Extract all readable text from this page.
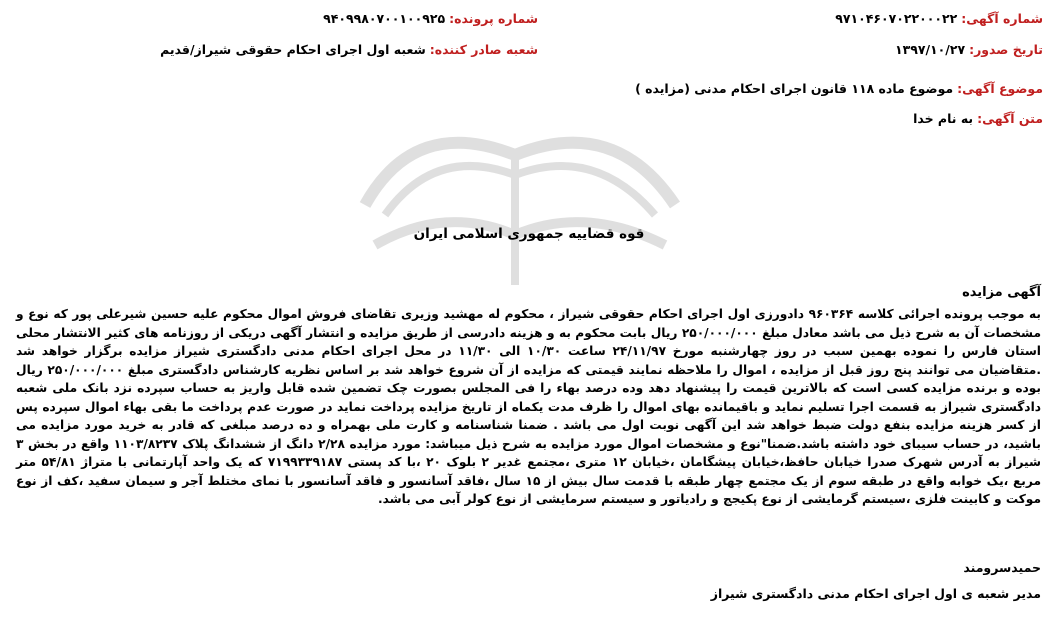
شماره آگهی: ۹۷۱۰۴۶۰۷۰۲۲۰۰۰۲۲
شماره پرونده: ۹۴۰۹۹۸۰۷۰۰۱۰۰۹۲۵
تاریخ صدور: ۱۳۹۷/۱۰/۲۷
شعبه صادر کننده: شعبه اول اجرای احکام حقوقی شیراز/قدیم
موضوع آگهی: موضوع ماده ۱۱۸ قانون اجرای احکام مدنی (مزایده )
متن آگهی: به نام خدا
قوه قضاییه جمهوری اسلامی ایران
آگهی مزایده
به موجب پرونده اجرائی کلاسه ۹۶۰۳۶۴ دادورزی اول اجرای احکام حقوقی شیراز ، محکوم له مهشید وزیری تقاضای فروش اموال محکوم علیه حسین شیرعلی پور که نوع و مشخصات آن به شرح ذیل می باشد معادل مبلغ ۲۵۰/۰۰۰/۰۰۰ ریال بابت محکوم به و هزینه دادرسی از طریق مزایده و انتشار آگهی دریکی از روزنامه های کثیر الانتشار محلی استان فارس را نموده بهمین سبب در روز چهارشنبه مورخ ۲۴/۱۱/۹۷ ساعت ۱۰/۳۰ الی ۱۱/۳۰ در محل اجرای احکام مدنی دادگستری شیراز مزایده برگزار خواهد شد .متقاضیان می توانند پنج روز قبل از مزایده ، اموال را ملاحظه نمایند قیمتی که مزایده از آن شروع خواهد شد بر اساس نظریه کارشناس دادگستری مبلغ ۲۵۰/۰۰۰/۰۰۰ ریال بوده و برنده مزایده کسی است که بالاترین قیمت را پیشنهاد دهد وده درصد بهاء را فی المجلس بصورت چک تضمین شده قابل واریز به حساب سپرده نزد بانک ملی شعبه دادگستری شیراز به قسمت اجرا تسلیم نماید و باقیمانده بهای اموال را ظرف مدت یکماه از تاریخ مزایده پرداخت نماید در صورت عدم پرداخت ما بقی بهاء اموال سپرده پس از کسر هزینه مزایده بنفع دولت ضبط خواهد شد این آگهی نوبت اول می باشد . ضمنا شناسنامه و کارت ملی بهمراه و ده درصد مبلغی که قادر به خرید مورد مزایده می باشید، در حساب سیبای خود داشته باشد.ضمنا"نوع و مشخصات اموال مورد مزایده به شرح ذیل میباشد: مورد مزایده ۲/۲۸ دانگ از ششدانگ پلاک ۱۱۰۳/۸۲۳۷ واقع در بخش ۳ شیراز به آدرس شهرک صدرا خیابان حافظ،خیابان پیشگامان ،خیابان ۱۲ متری ،مجتمع غدیر ۲ بلوک ۲۰ ،با کد پستی ۷۱۹۹۳۳۹۱۸۷ که یک واحد آپارتمانی با متراژ ۵۴/۸۱ متر مربع ،یک خوابه واقع در طبقه سوم از یک مجتمع چهار طبقه با قدمت سال بیش از ۱۵ سال ،فاقد آسانسور و فاقد آسانسور با نمای مختلط آجر و سیمان سفید ،کف از نوع موکت و کابینت فلزی ،سیستم گرمایشی از نوع پکیجج و رادیاتور و سیستم سرمایشی از نوع کولر آبی می باشد.
حمیدسرومند
مدیر شعبه ی اول اجرای احکام مدنی دادگستری شیراز
